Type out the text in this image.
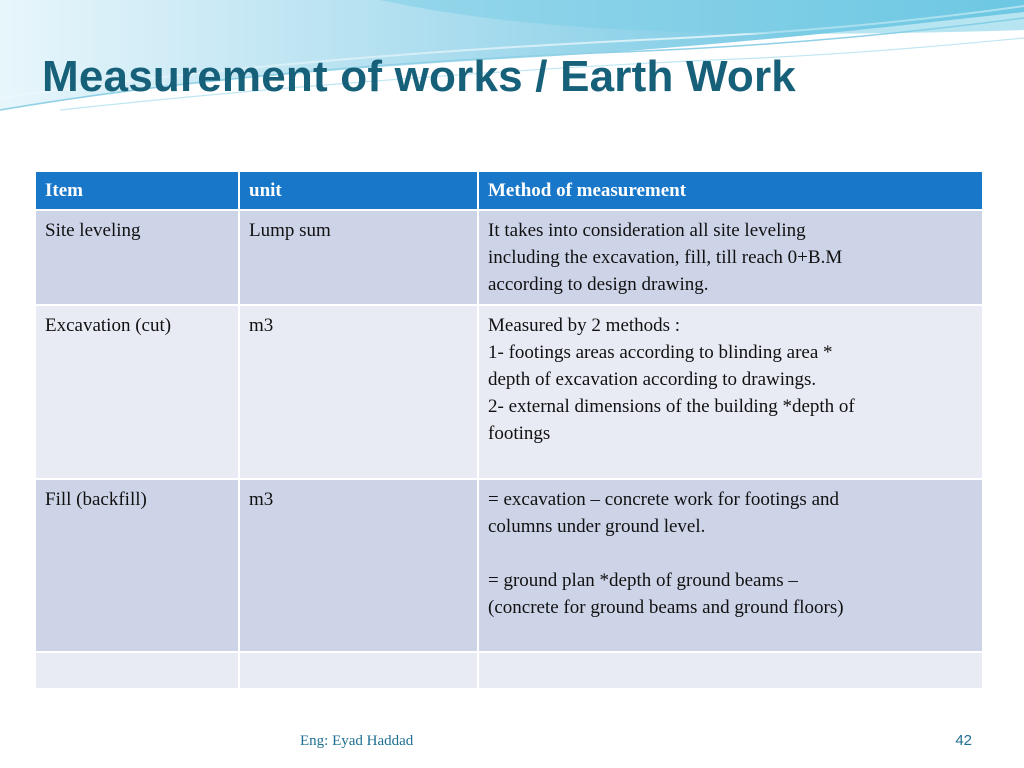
Measurement of works / Earth Work
Item	unit	Method of measurement
Site leveling	Lump sum	It takes into consideration all site leveling
including the excavation, fill, till reach 0+B.M
according to design drawing.
Excavation (cut)	m3	Measured by 2 methods :
1- footings areas according to blinding area *
depth of excavation according to drawings.
2- external dimensions of the building *depth of
footings
Fill (backfill)	m3	= excavation – concrete work for footings and
columns under ground level.

= ground plan *depth of ground beams –
(concrete for ground beams and ground floors)

Eng: Eyad Haddad	42
